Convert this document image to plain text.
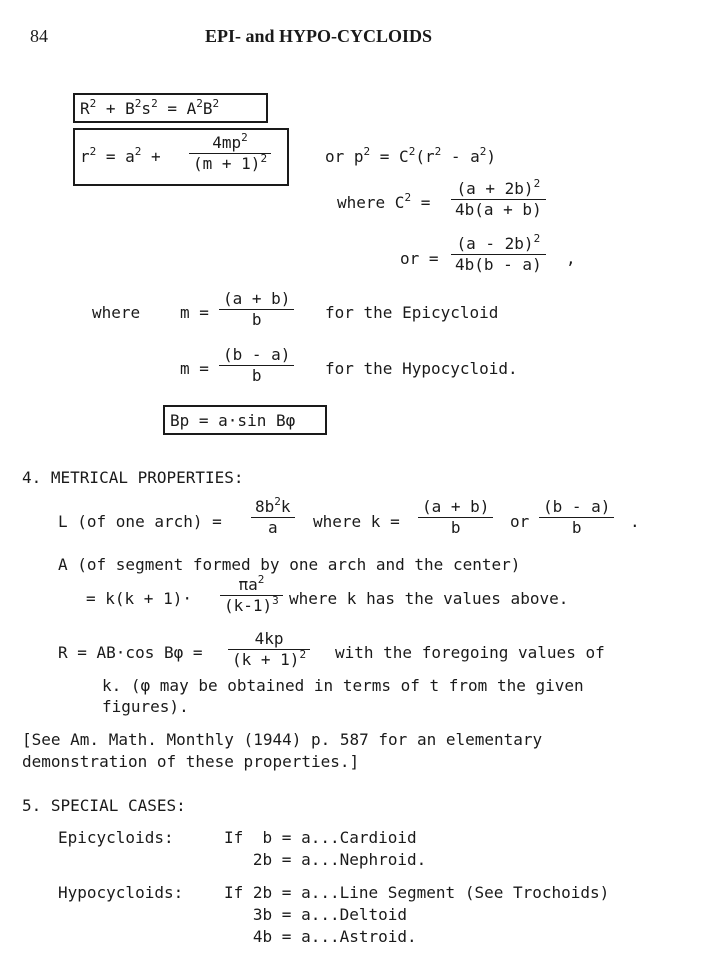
84	EPI- and HYPO-CYCLOIDS
$R^2 + B^2s^2 = A^2B^2$
$r^2 = a^2 + \frac{4mp^2}{(m + 1)^2}$	or $p^2 = C^2(r^2 - a^2)$
where $C^2 = \frac{(a + 2b)^2}{4b(a + b)}$
or = $\frac{(a - 2b)^2}{4b(b - a)}$ ,
where $m = \frac{(a + b)}{b}$ for the Epicycloid
$m = \frac{(b - a)}{b}$ for the Hypocycloid.
Bp = a·sin Bφ
4. METRICAL PROPERTIES:
L (of one arch) = $\frac{8b^2k}{a}$ where $k = \frac{(a + b)}{b}$ or $\frac{(b - a)}{b}$ .
A (of segment formed by one arch and the center)
= $k(k + 1)\cdot \frac{\pi a^2}{(k-1)^3}$ where k has the values above.
R = AB·cos $B\varphi = \frac{4kp}{(k + 1)^2}$ with the foregoing values of
k. (φ may be obtained in terms of t from the given
figures).
[See Am. Math. Monthly (1944) p. 587 for an elementary
demonstration of these properties.]
5. SPECIAL CASES:
Epicycloids:	If  b = a...Cardioid
2b = a...Nephroid.
Hypocycloids:	If 2b = a...Line Segment (See Trochoids)
3b = a...Deltoid
4b = a...Astroid.
